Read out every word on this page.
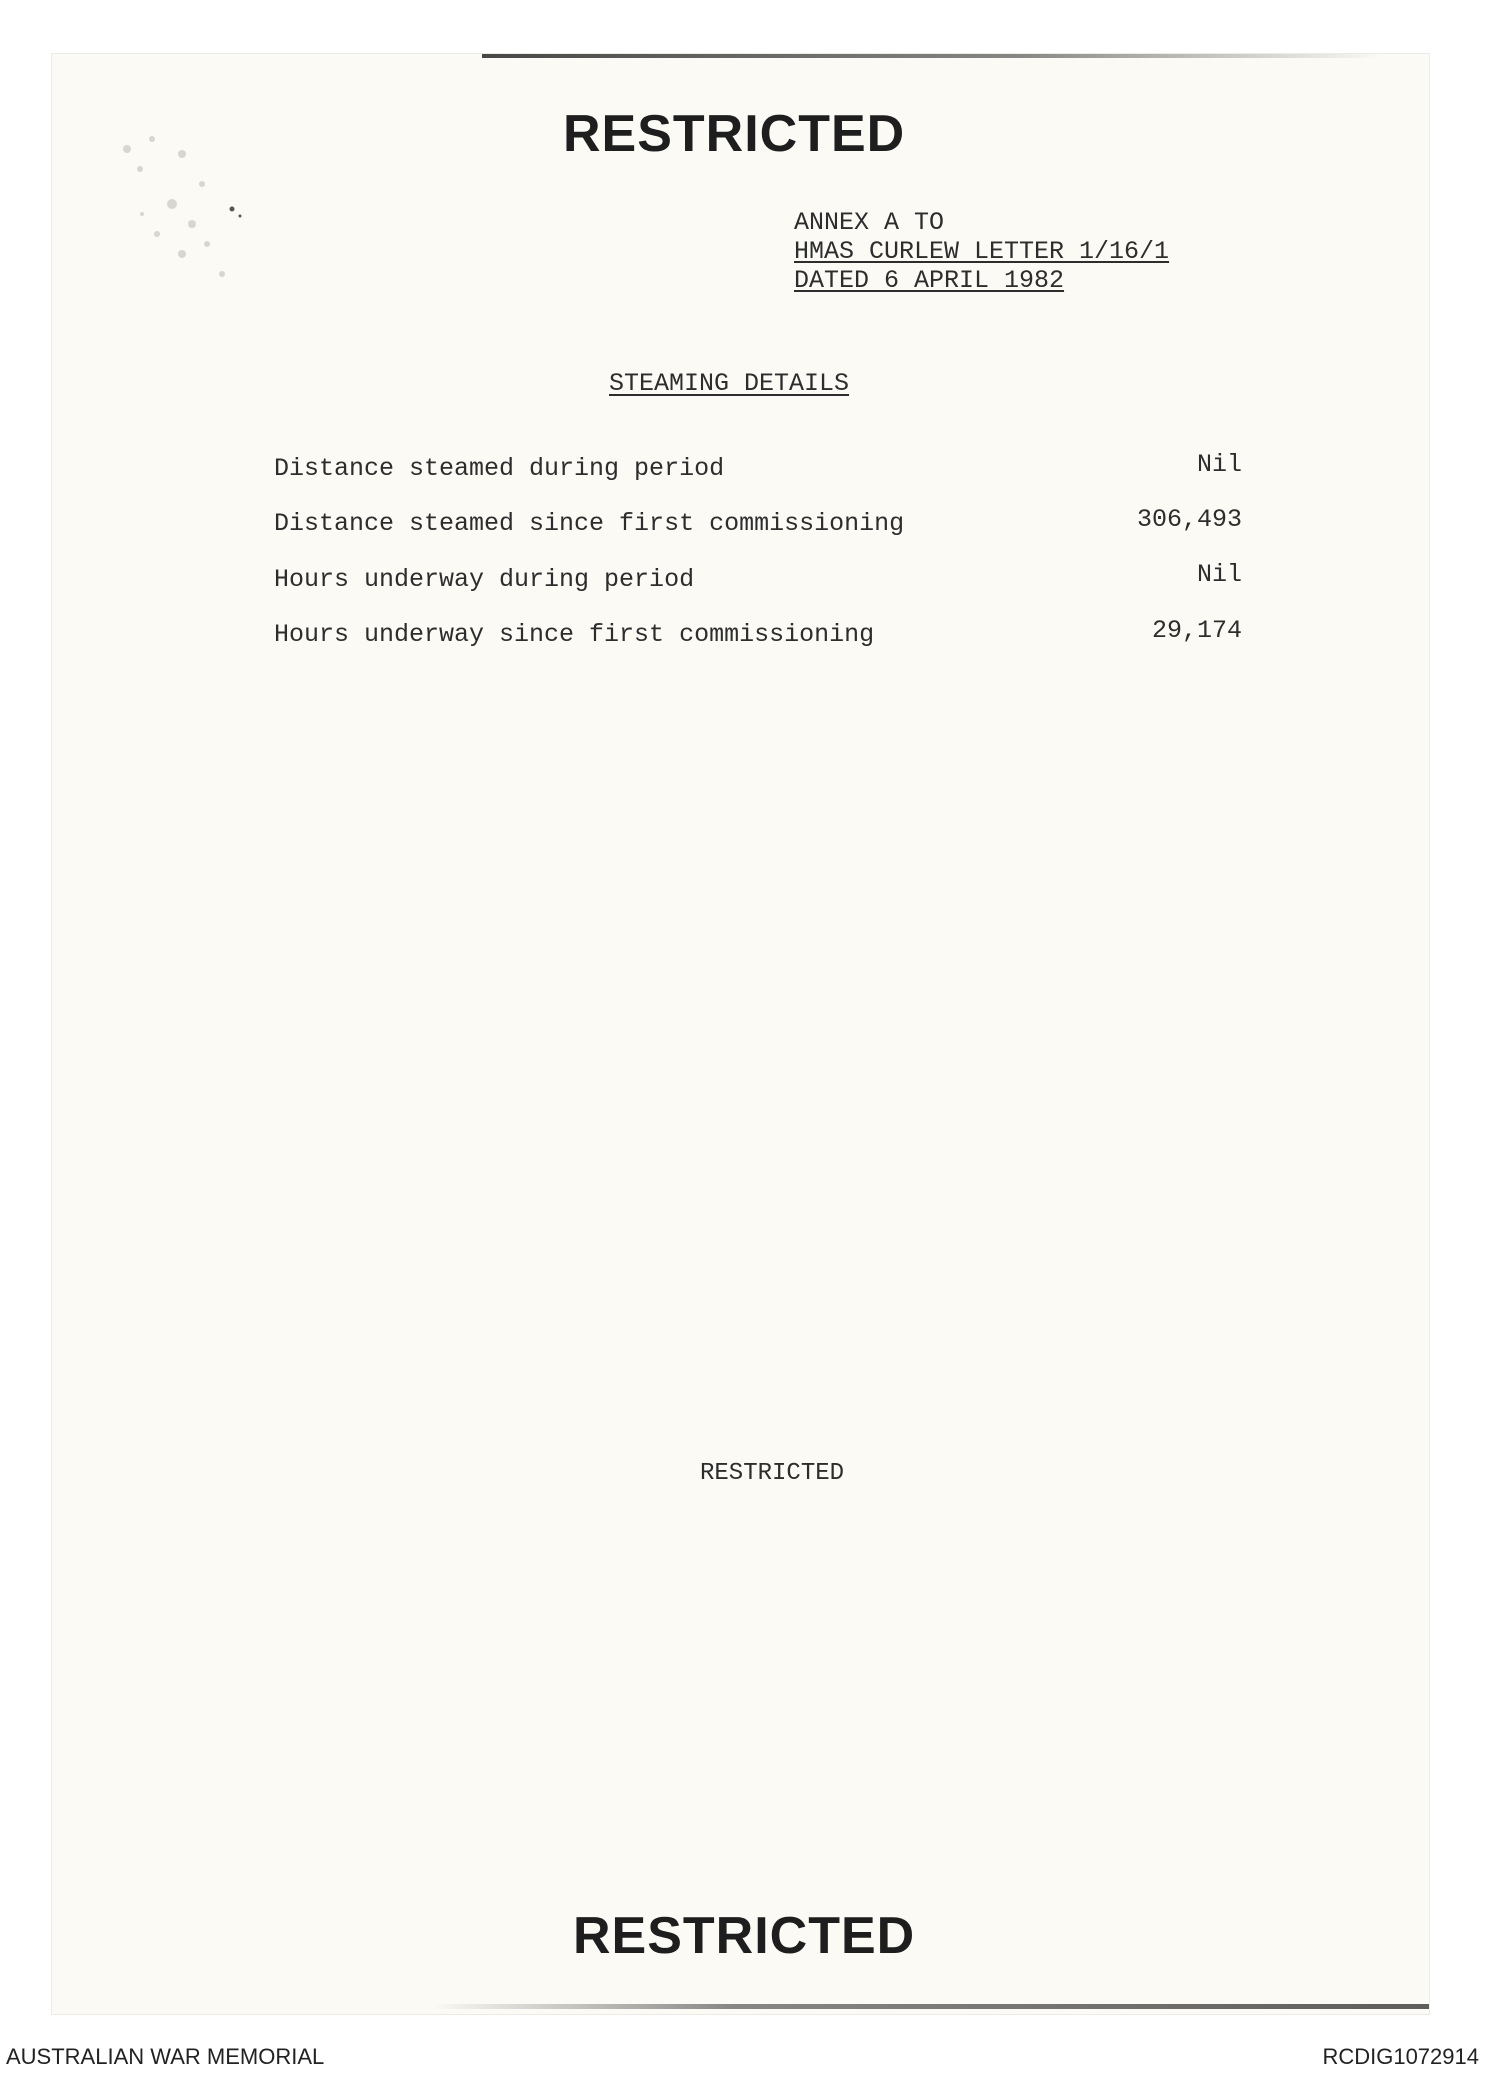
RESTRICTED
ANNEX A TO
HMAS CURLEW LETTER 1/16/1
DATED 6 APRIL 1982
STEAMING DETAILS
Distance steamed during period	Nil
Distance steamed since first commissioning	306,493
Hours underway during period	Nil
Hours underway since first commissioning	29,174
RESTRICTED
RESTRICTED
AUSTRALIAN WAR MEMORIAL	RCDIG1072914
